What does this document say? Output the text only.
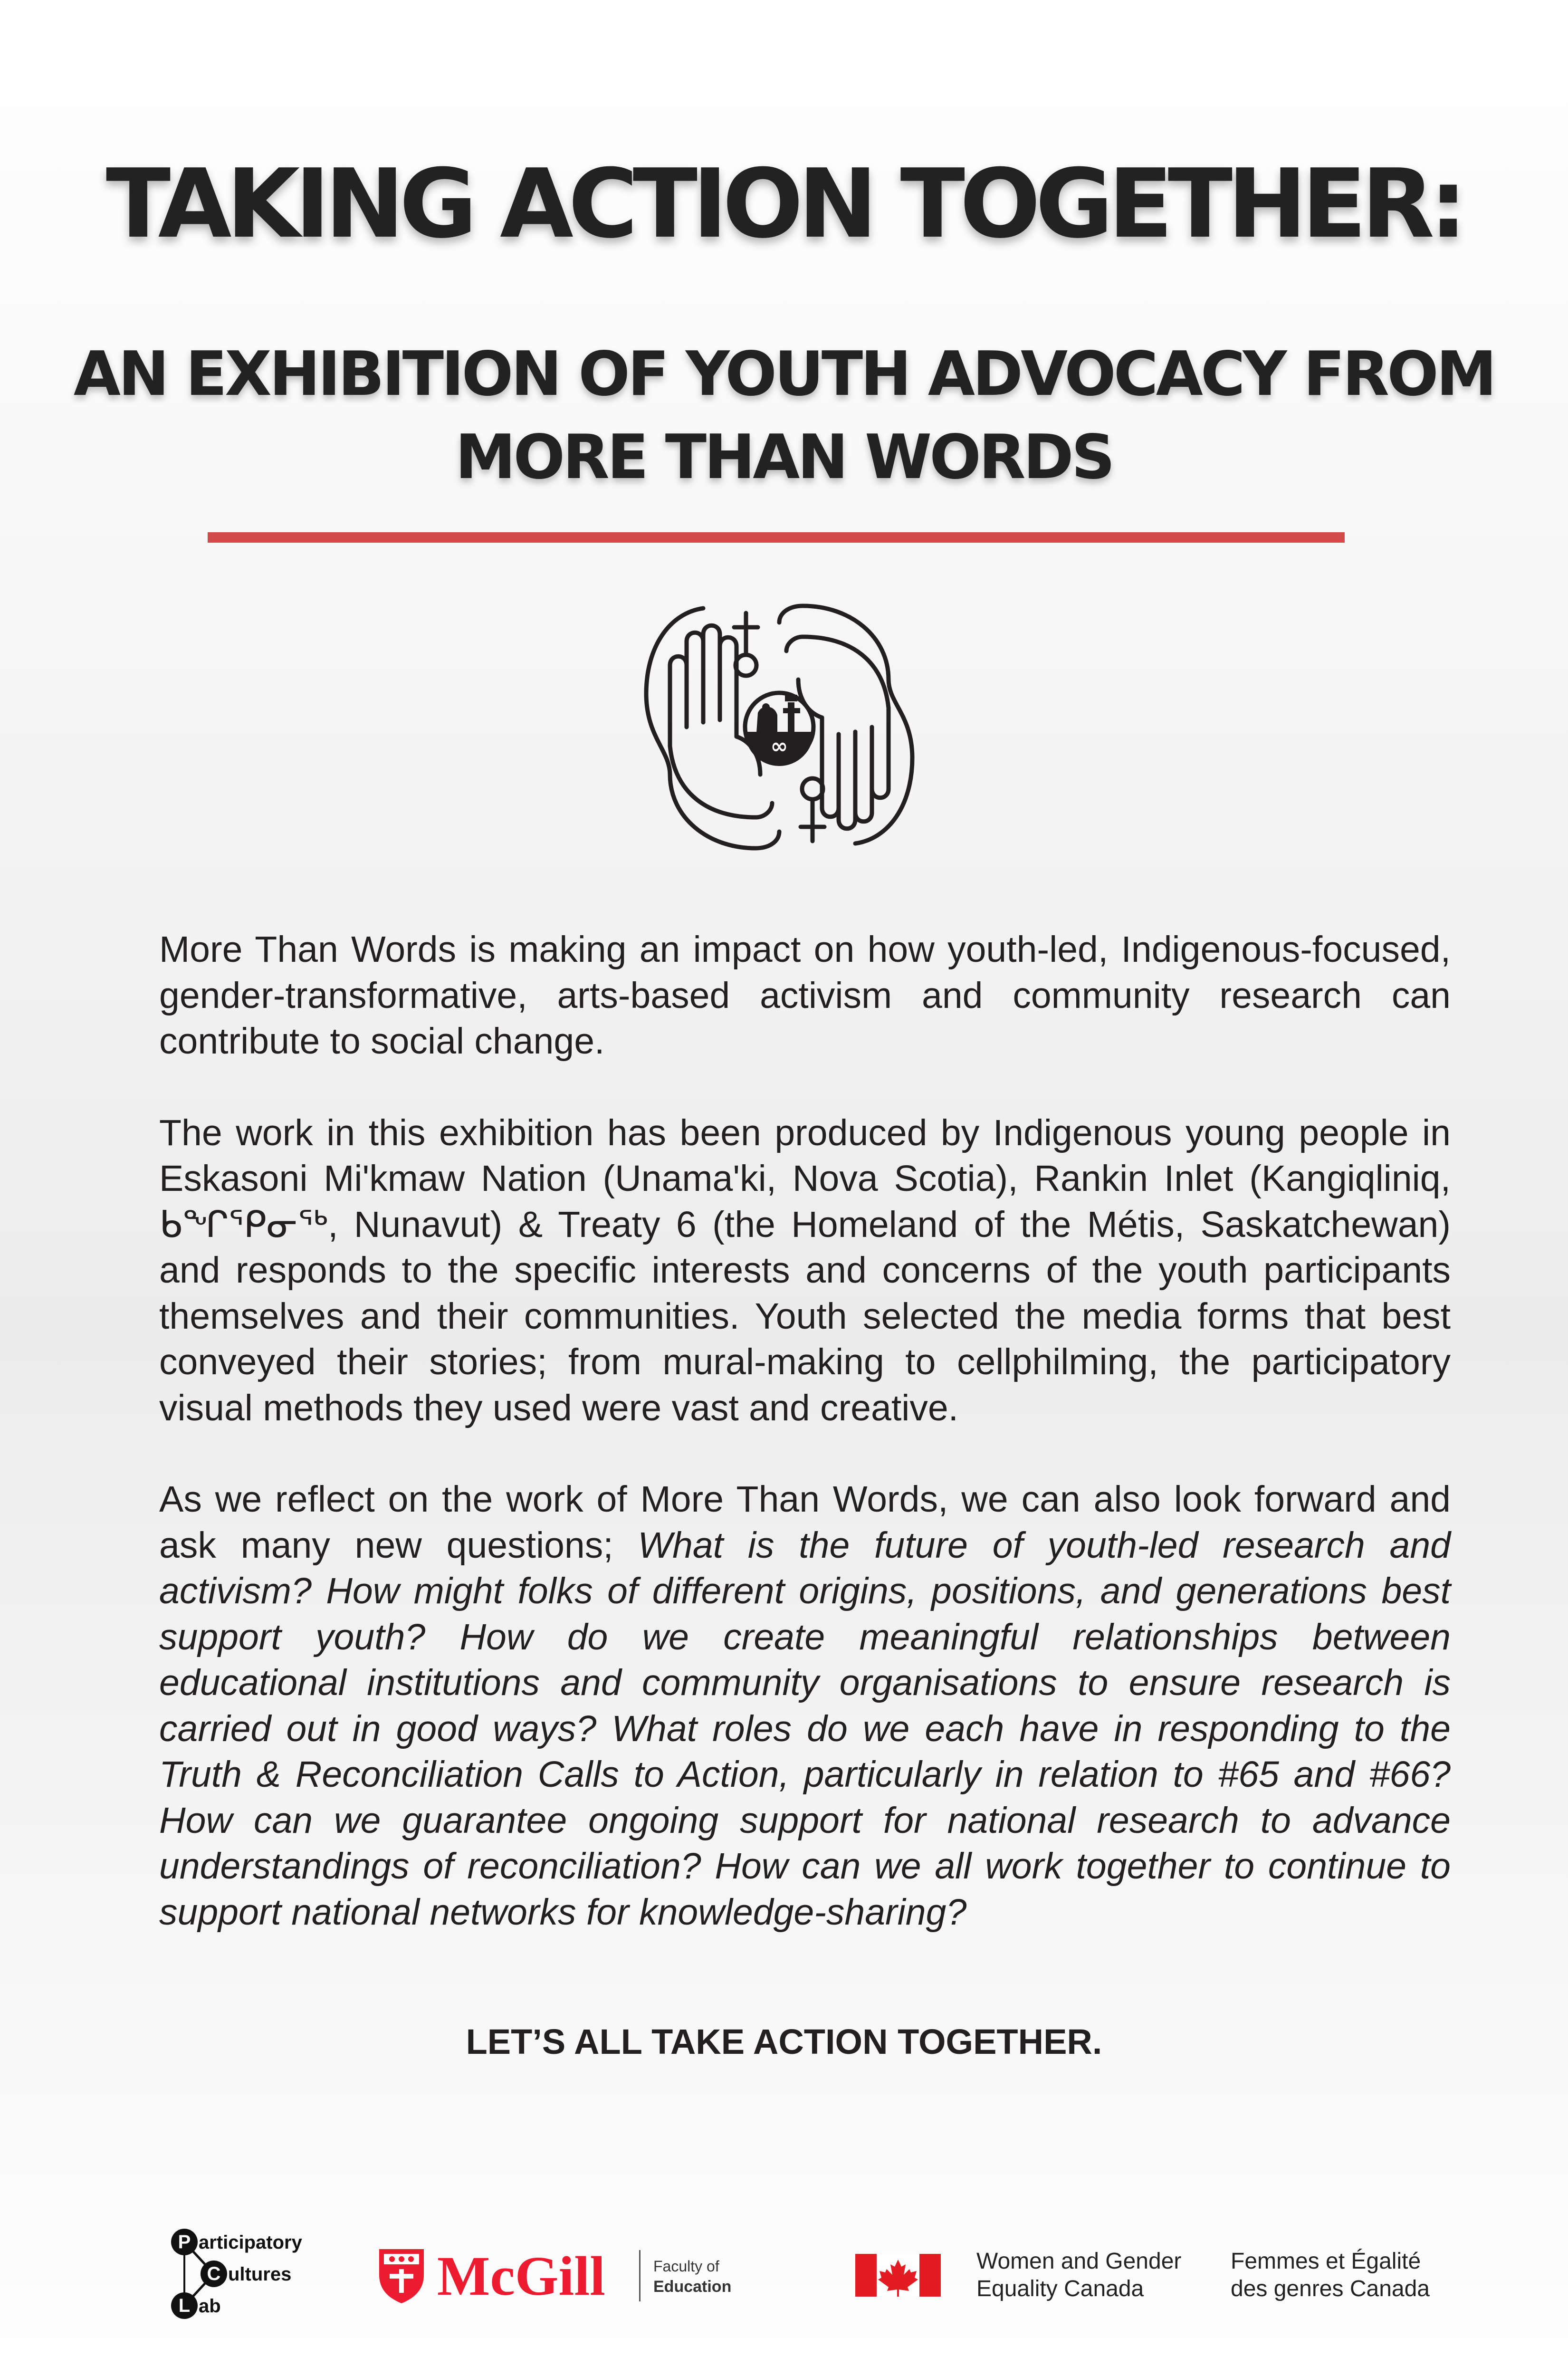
TAKING ACTION TOGETHER:
AN EXHIBITION OF YOUTH ADVOCACY FROM
MORE THAN WORDS
∞

More Than Words is making an impact on how youth-led, Indigenous-focused, gender-transformative, arts-based activism and community research can contribute to social change.

The work in this exhibition has been produced by Indigenous young people in Eskasoni Mi'kmaw Nation (Unama'ki, Nova Scotia), Rankin Inlet (Kangiqliniq, ᑲᖏᕿᓂᖅ, Nunavut) & Treaty 6 (the Homeland of the Métis, Saskatchewan) and responds to the specific interests and concerns of the youth participants themselves and their communities. Youth selected the media forms that best conveyed their stories; from mural-making to cellphilming, the participatory visual methods they used were vast and creative.

As we reflect on the work of More Than Words, we can also look forward and ask many new questions; What is the future of youth-led research and activism? How might folks of different origins, positions, and generations best support youth? How do we create meaningful relationships between educational institutions and community organisations to ensure research is carried out in good ways? What roles do we each have in responding to the Truth & Reconciliation Calls to Action, particularly in relation to #65 and #66? How can we guarantee ongoing support for national research to advance understandings of reconciliation? How can we all work together to continue to support national networks for knowledge-sharing?

LET’S ALL TAKE ACTION TOGETHER.
P articipatory
C ultures
L ab	McGill	Faculty of
Education
Women and Gender
Equality Canada
Femmes et Égalité
des genres Canada
